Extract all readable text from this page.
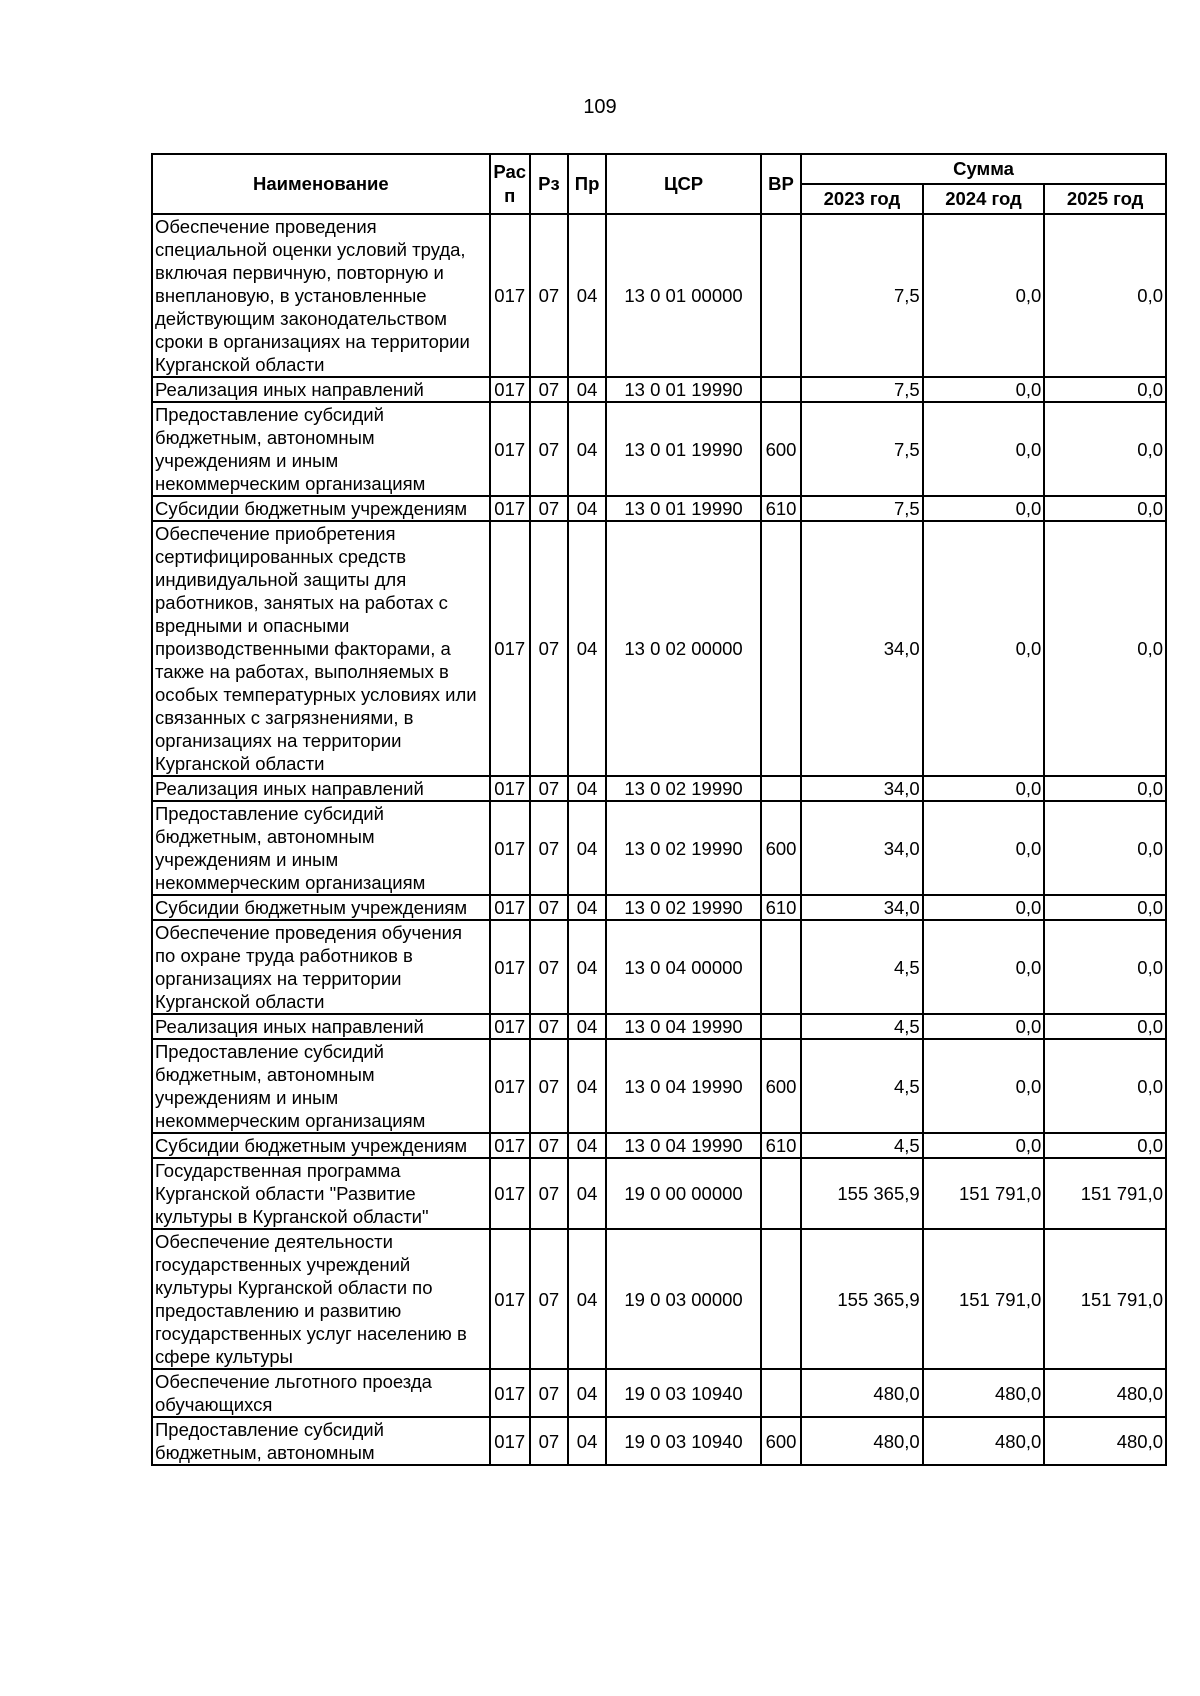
109
Наименование	Рас п	Рз	Пр	ЦСР	ВР	Сумма		
						2023 год	2024 год	2025 год
Обеспечение проведения специальной оценки условий труда, включая первичную, повторную и внеплановую, в установленные действующим законодательством сроки в организациях на территории Курганской области	017	07	04	13 0 01 00000		7,5	0,0	0,0
Реализация иных направлений	017	07	04	13 0 01 19990		7,5	0,0	0,0
Предоставление субсидий бюджетным, автономным учреждениям и иным некоммерческим организациям	017	07	04	13 0 01 19990	600	7,5	0,0	0,0
Субсидии бюджетным учреждениям	017	07	04	13 0 01 19990	610	7,5	0,0	0,0
Обеспечение приобретения сертифицированных средств индивидуальной защиты для работников, занятых на работах с вредными и опасными производственными факторами, а также на работах, выполняемых в особых температурных условиях или связанных с загрязнениями, в организациях на территории Курганской области	017	07	04	13 0 02 00000		34,0	0,0	0,0
Реализация иных направлений	017	07	04	13 0 02 19990		34,0	0,0	0,0
Предоставление субсидий бюджетным, автономным учреждениям и иным некоммерческим организациям	017	07	04	13 0 02 19990	600	34,0	0,0	0,0
Субсидии бюджетным учреждениям	017	07	04	13 0 02 19990	610	34,0	0,0	0,0
Обеспечение проведения обучения по охране труда работников в организациях на территории Курганской области	017	07	04	13 0 04 00000		4,5	0,0	0,0
Реализация иных направлений	017	07	04	13 0 04 19990		4,5	0,0	0,0
Предоставление субсидий бюджетным, автономным учреждениям и иным некоммерческим организациям	017	07	04	13 0 04 19990	600	4,5	0,0	0,0
Субсидии бюджетным учреждениям	017	07	04	13 0 04 19990	610	4,5	0,0	0,0
Государственная программа Курганской области "Развитие культуры в Курганской области"	017	07	04	19 0 00 00000		155 365,9	151 791,0	151 791,0
Обеспечение деятельности государственных учреждений культуры Курганской области по предоставлению и развитию государственных услуг населению в сфере культуры	017	07	04	19 0 03 00000		155 365,9	151 791,0	151 791,0
Обеспечение льготного проезда обучающихся	017	07	04	19 0 03 10940		480,0	480,0	480,0
Предоставление субсидий бюджетным, автономным	017	07	04	19 0 03 10940	600	480,0	480,0	480,0
